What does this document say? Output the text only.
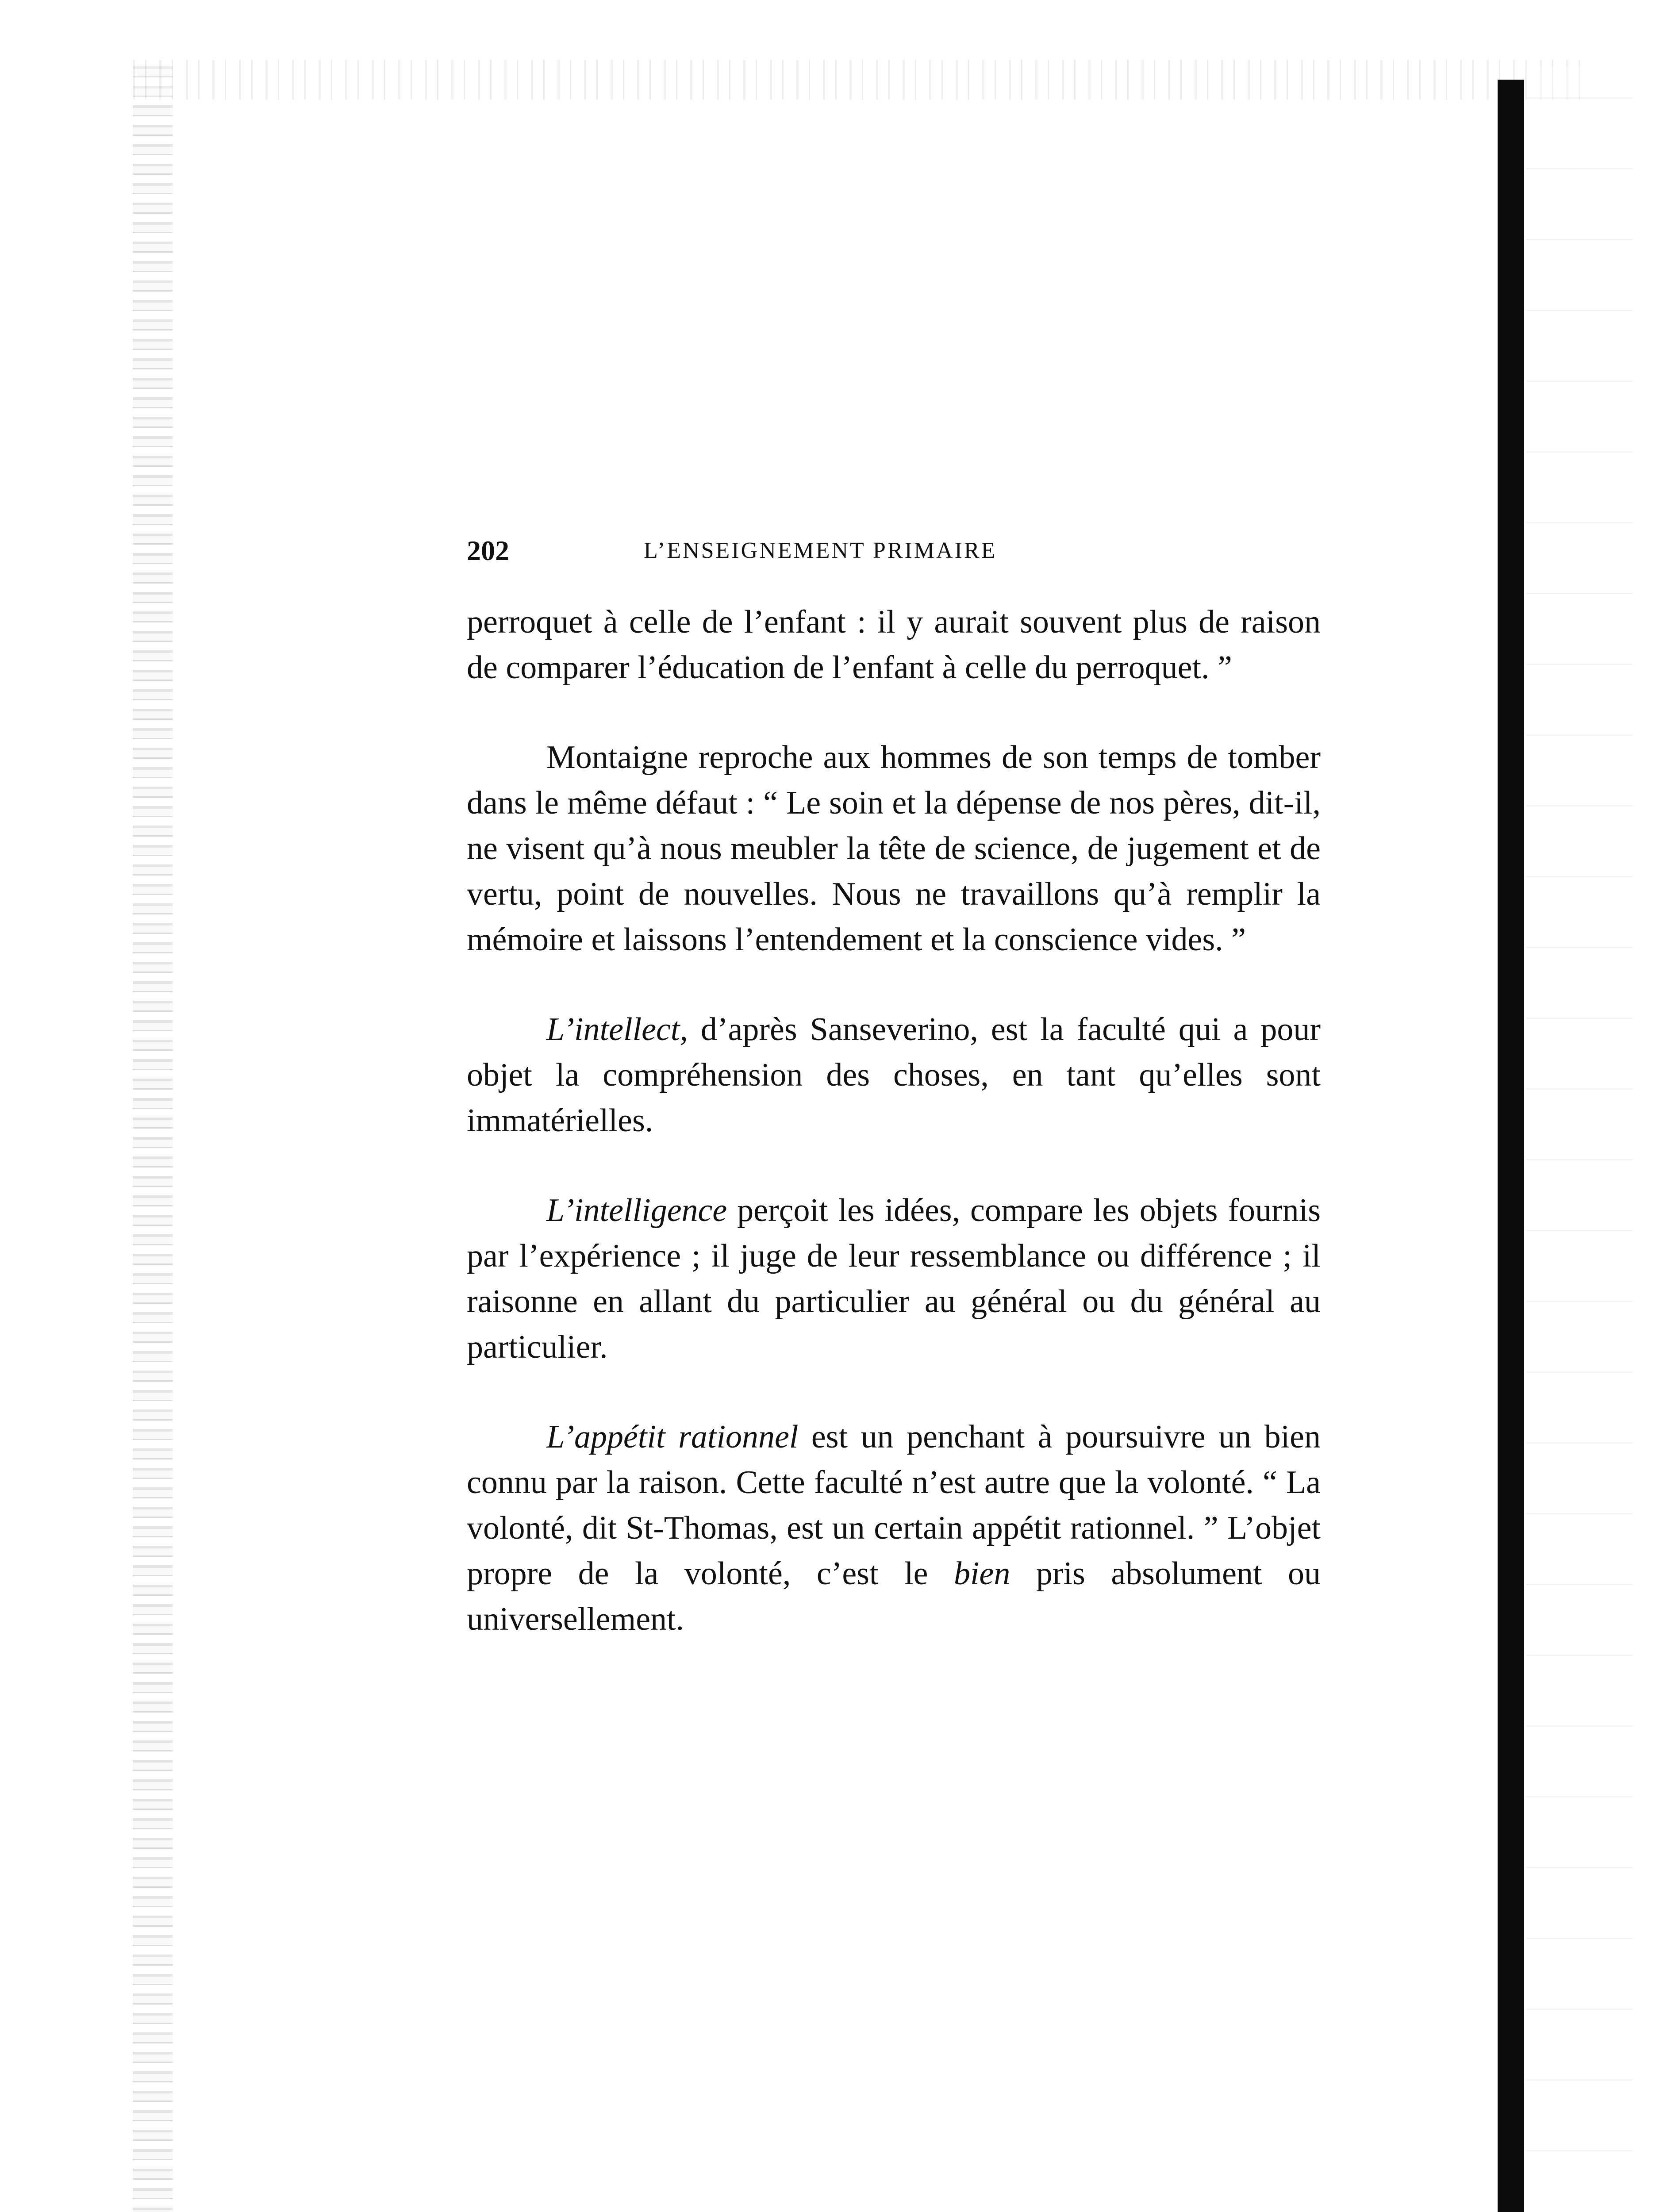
202	L’ENSEIGNEMENT PRIMAIRE

perroquet à celle de l’enfant : il y aurait souvent plus de raison de comparer l’éducation de l’enfant à celle du perroquet. ”

Montaigne reproche aux hommes de son temps de tomber dans le même défaut : “ Le soin et la dépense de nos pères, dit-il, ne visent qu’à nous meubler la tête de science, de jugement et de vertu, point de nouvelles. Nous ne travaillons qu’à remplir la mémoire et laissons l’entendement et la conscience vides. ”

L’intellect, d’après Sanseverino, est la faculté qui a pour objet la compréhension des choses, en tant qu’elles sont immatérielles.

L’intelligence perçoit les idées, compare les objets fournis par l’expérience ; il juge de leur ressemblance ou différence ; il raisonne en allant du particulier au général ou du général au particulier.

L’appétit rationnel est un penchant à poursuivre un bien connu par la raison. Cette faculté n’est autre que la volonté. “ La volonté, dit St-Thomas, est un certain appétit rationnel. ” L’objet propre de la volonté, c’est le bien pris absolument ou universellement.
